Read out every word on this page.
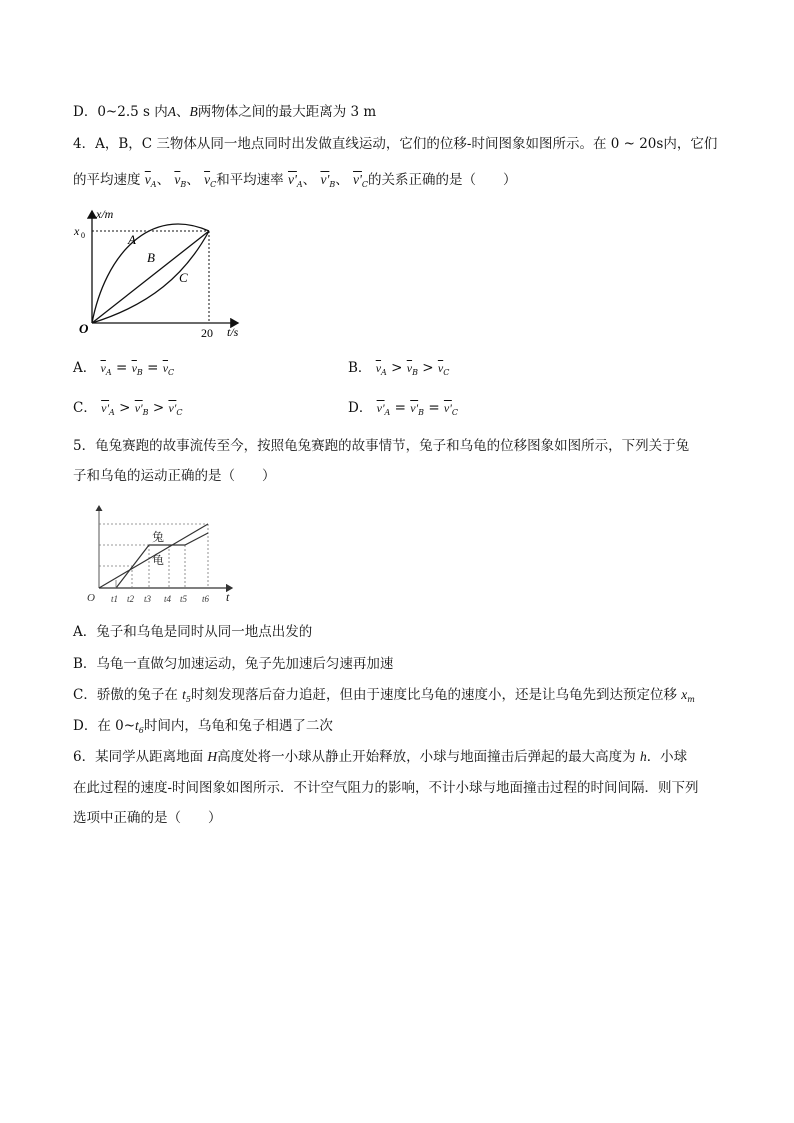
D．0~2.5 s 内A、B两物体之间的最大距离为 3 m
4．A，B，C 三物体从同一地点同时出发做直线运动，它们的位移-时间图象如图所示。在 0 ~ 20s内，它们
的平均速度 $\overline{v}_A$、 $\overline{v}_B$、 $\overline{v}_C$和平均速率 $v'_A$、 $v'_B$、 $v'_C$的关系正确的是（　　）
x/m
t/s
O
x 0
20
A
B
C
A． $\overline{v}_A = \overline{v}_B = \overline{v}_C$	B． $\overline{v}_A > \overline{v}_B > \overline{v}_C$
C． $v'_A > v'_B > v'_C$	D． $v'_A = v'_B = v'_C$
5．龟兔赛跑的故事流传至今，按照龟兔赛跑的故事情节，兔子和乌龟的位移图象如图所示，下列关于兔
子和乌龟的运动正确的是（　　）
兔
龟
O	t
t1 t2 t3 t4 t5 t6
A．兔子和乌龟是同时从同一地点出发的
B．乌龟一直做匀加速运动，兔子先加速后匀速再加速
C．骄傲的兔子在 $t_5$时刻发现落后奋力追赶，但由于速度比乌龟的速度小，还是让乌龟先到达预定位移 $x_m$
D．在 $0\sim t_6$时间内，乌龟和兔子相遇了二次
6．某同学从距离地面 H高度处将一小球从静止开始释放，小球与地面撞击后弹起的最大高度为 h．小球
在此过程的速度-时间图象如图所示．不计空气阻力的影响，不计小球与地面撞击过程的时间间隔．则下列
选项中正确的是（　　）
